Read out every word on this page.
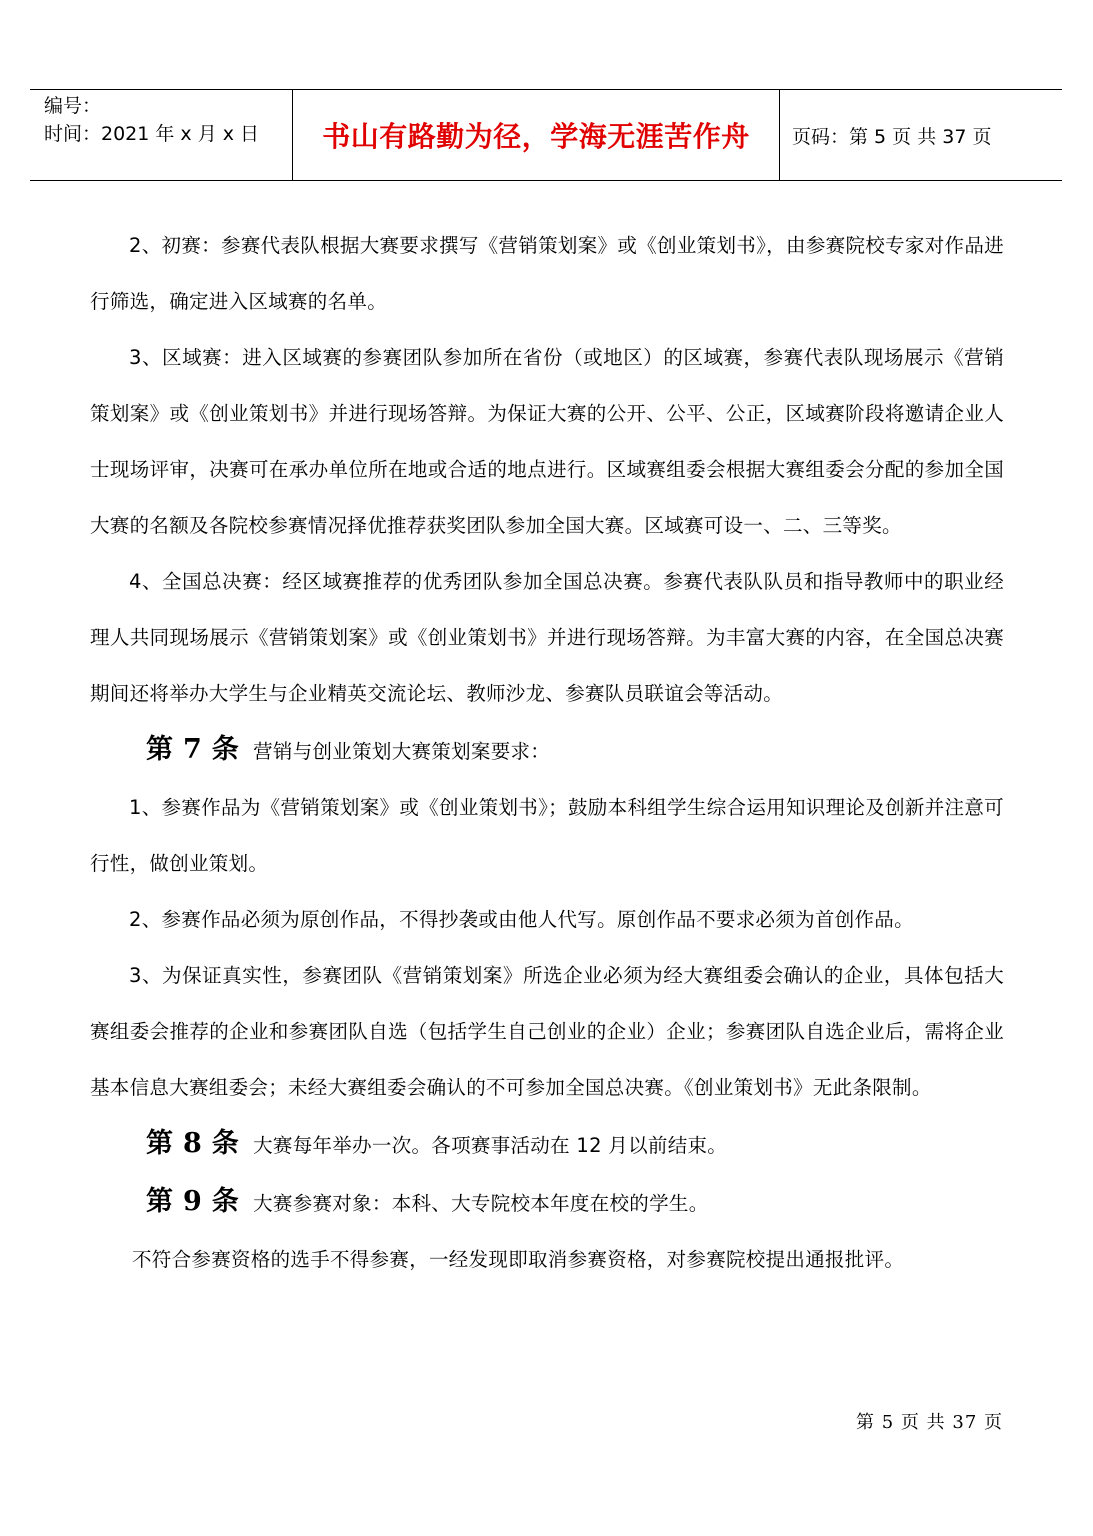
编号：
时间：2021 年 x 月 x 日	书山有路勤为径，学海无涯苦作舟 页码：第 5 页 共 37 页

2、初赛：参赛代表队根据大赛要求撰写《营销策划案》或《创业策划书》，由参赛院校专家对作品进行筛选，确定进入区域赛的名单。

3、区域赛：进入区域赛的参赛团队参加所在省份（或地区）的区域赛，参赛代表队现场展示《营销策划案》或《创业策划书》并进行现场答辩。为保证大赛的公开、公平、公正，区域赛阶段将邀请企业人士现场评审，决赛可在承办单位所在地或合适的地点进行。区域赛组委会根据大赛组委会分配的参加全国大赛的名额及各院校参赛情况择优推荐获奖团队参加全国大赛。区域赛可设一、二、三等奖。

4、全国总决赛：经区域赛推荐的优秀团队参加全国总决赛。参赛代表队队员和指导教师中的职业经理人共同现场展示《营销策划案》或《创业策划书》并进行现场答辩。为丰富大赛的内容，在全国总决赛期间还将举办大学生与企业精英交流论坛、教师沙龙、参赛队员联谊会等活动。

第 7 条 营销与创业策划大赛策划案要求：

1、参赛作品为《营销策划案》或《创业策划书》；鼓励本科组学生综合运用知识理论及创新并注意可行性，做创业策划。

2、参赛作品必须为原创作品，不得抄袭或由他人代写。原创作品不要求必须为首创作品。

3、为保证真实性，参赛团队《营销策划案》所选企业必须为经大赛组委会确认的企业，具体包括大赛组委会推荐的企业和参赛团队自选（包括学生自己创业的企业）企业；参赛团队自选企业后，需将企业基本信息大赛组委会；未经大赛组委会确认的不可参加全国总决赛。《创业策划书》无此条限制。

第 8 条 大赛每年举办一次。各项赛事活动在 12 月以前结束。

第 9 条 大赛参赛对象：本科、大专院校本年度在校的学生。

不符合参赛资格的选手不得参赛，一经发现即取消参赛资格，对参赛院校提出通报批评。

第 5 页 共 37 页
